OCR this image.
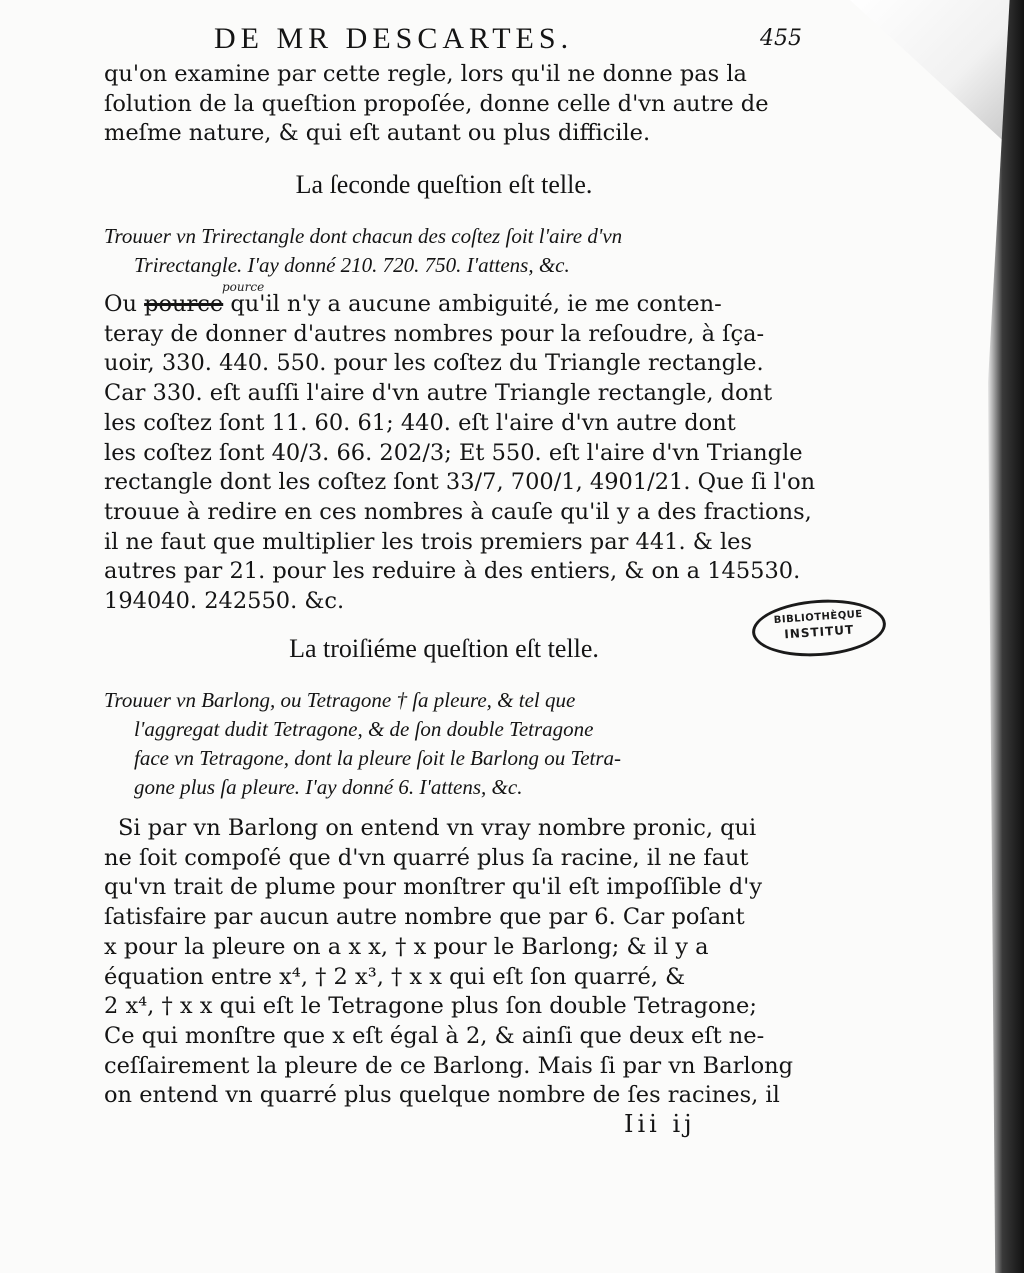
DE MR DESCARTES.	455
qu'on examine par cette regle, lors qu'il ne donne pas la
ſolution de la queſtion propoſée, donne celle d'vn autre de
meſme nature, & qui eſt autant ou plus difficile.
La ſeconde queſtion eſt telle.
Trouuer vn Trirectangle dont chacun des coſtez ſoit l'aire d'vn
Trirectangle. I'ay donné 210. 720. 750. I'attens, &c.
pource
Ou pource qu'il n'y a aucune ambiguité, ie me conten-
teray de donner d'autres nombres pour la reſoudre, à ſça-
uoir, 330. 440. 550. pour les coſtez du Triangle rectangle.
Car 330. eſt auſſi l'aire d'vn autre Triangle rectangle, dont
les coſtez ſont 11. 60. 61; 440. eſt l'aire d'vn autre dont
les coſtez ſont 40/3. 66. 202/3; Et 550. eſt l'aire d'vn Triangle
rectangle dont les coſtez ſont 33/7, 700/1, 4901/21. Que ſi l'on
trouue à redire en ces nombres à cauſe qu'il y a des fractions,
il ne faut que multiplier les trois premiers par 441. & les
autres par 21. pour les reduire à des entiers, & on a 145530.
194040. 242550. &c.
La troiſiéme queſtion eſt telle.
Trouuer vn Barlong, ou Tetragone † ſa pleure, & tel que
l'aggregat dudit Tetragone, & de ſon double Tetragone
face vn Tetragone, dont la pleure ſoit le Barlong ou Tetra-
gone plus ſa pleure. I'ay donné 6. I'attens, &c.
Si par vn Barlong on entend vn vray nombre pronic, qui
ne ſoit compoſé que d'vn quarré plus ſa racine, il ne faut
qu'vn trait de plume pour monſtrer qu'il eſt impoſſible d'y
ſatisfaire par aucun autre nombre que par 6. Car poſant
x pour la pleure on a x x, † x pour le Barlong; & il y a
équation entre x⁴, † 2 x³, † x x qui eſt ſon quarré, &
2 x⁴, † x x qui eſt le Tetragone plus ſon double Tetragone;
Ce qui monſtre que x eſt égal à 2, & ainſi que deux eſt ne-
ceſſairement la pleure de ce Barlong. Mais ſi par vn Barlong
on entend vn quarré plus quelque nombre de ſes racines, il
BIBLIOTHÈQUE
INSTITUT
Iii ij
